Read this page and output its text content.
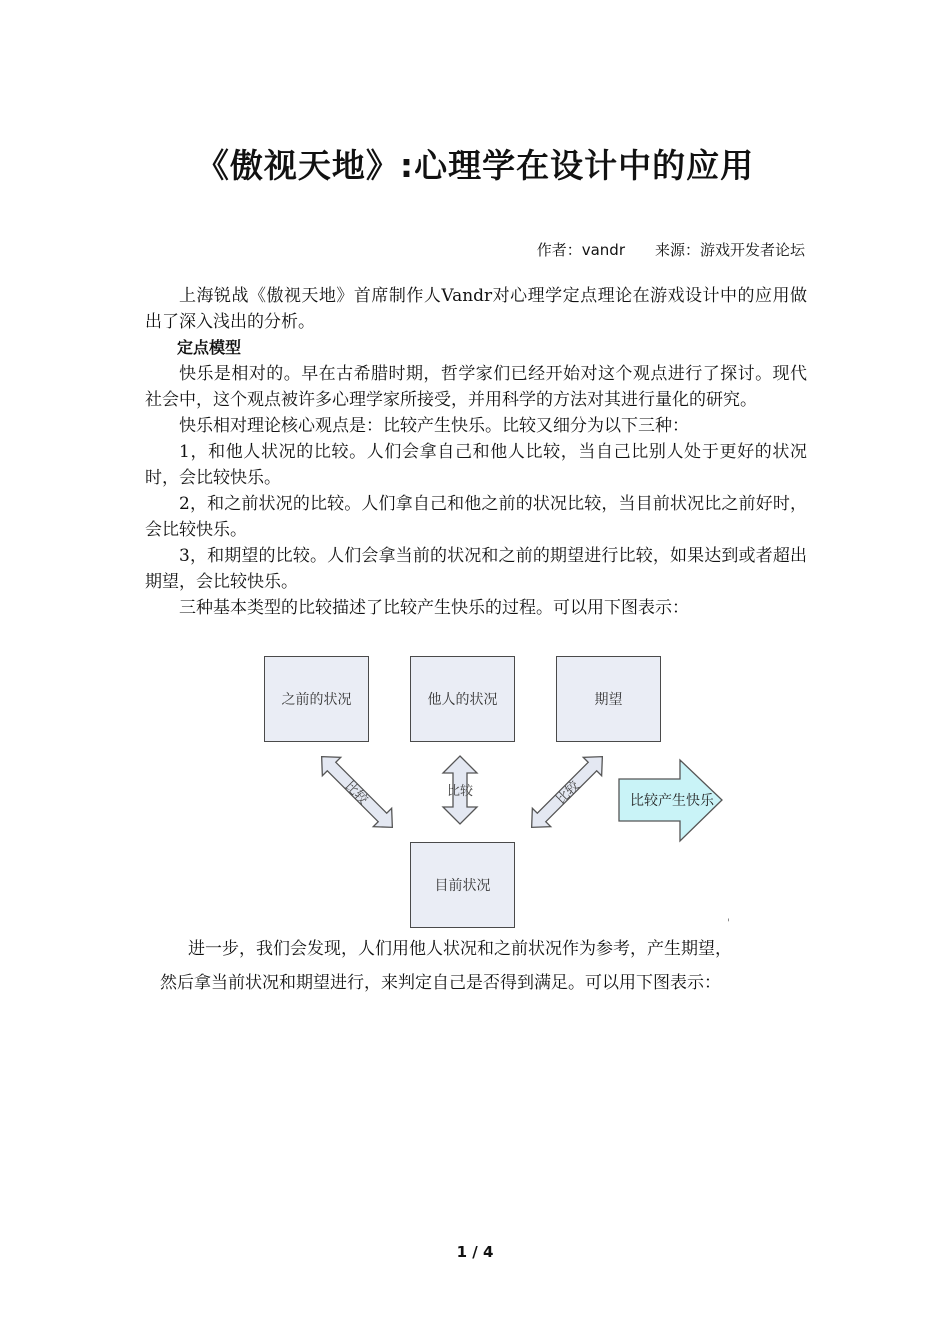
《傲视天地》:心理学在设计中的应用
作者：vandr 来源：游戏开发者论坛

上海锐战《傲视天地》首席制作人Vandr对心理学定点理论在游戏设计中的应用做出了深入浅出的分析。

定点模型

快乐是相对的。早在古希腊时期，哲学家们已经开始对这个观点进行了探讨。现代社会中，这个观点被许多心理学家所接受，并用科学的方法对其进行量化的研究。

快乐相对理论核心观点是：比较产生快乐。比较又细分为以下三种：

1，和他人状况的比较。人们会拿自己和他人比较，当自己比别人处于更好的状况时，会比较快乐。

2，和之前状况的比较。人们拿自己和他之前的状况比较，当目前状况比之前好时，会比较快乐。

3，和期望的比较。人们会拿当前的状况和之前的期望进行比较，如果达到或者超出期望，会比较快乐。

三种基本类型的比较描述了比较产生快乐的过程。可以用下图表示：

比较	比较	比较	比较产生快乐
之前的状况	他人的状况	期望
目前状况
'

进一步，我们会发现，人们用他人状况和之前状况作为参考，产生期望，

然后拿当前状况和期望进行，来判定自己是否得到满足。可以用下图表示：

1 / 4
